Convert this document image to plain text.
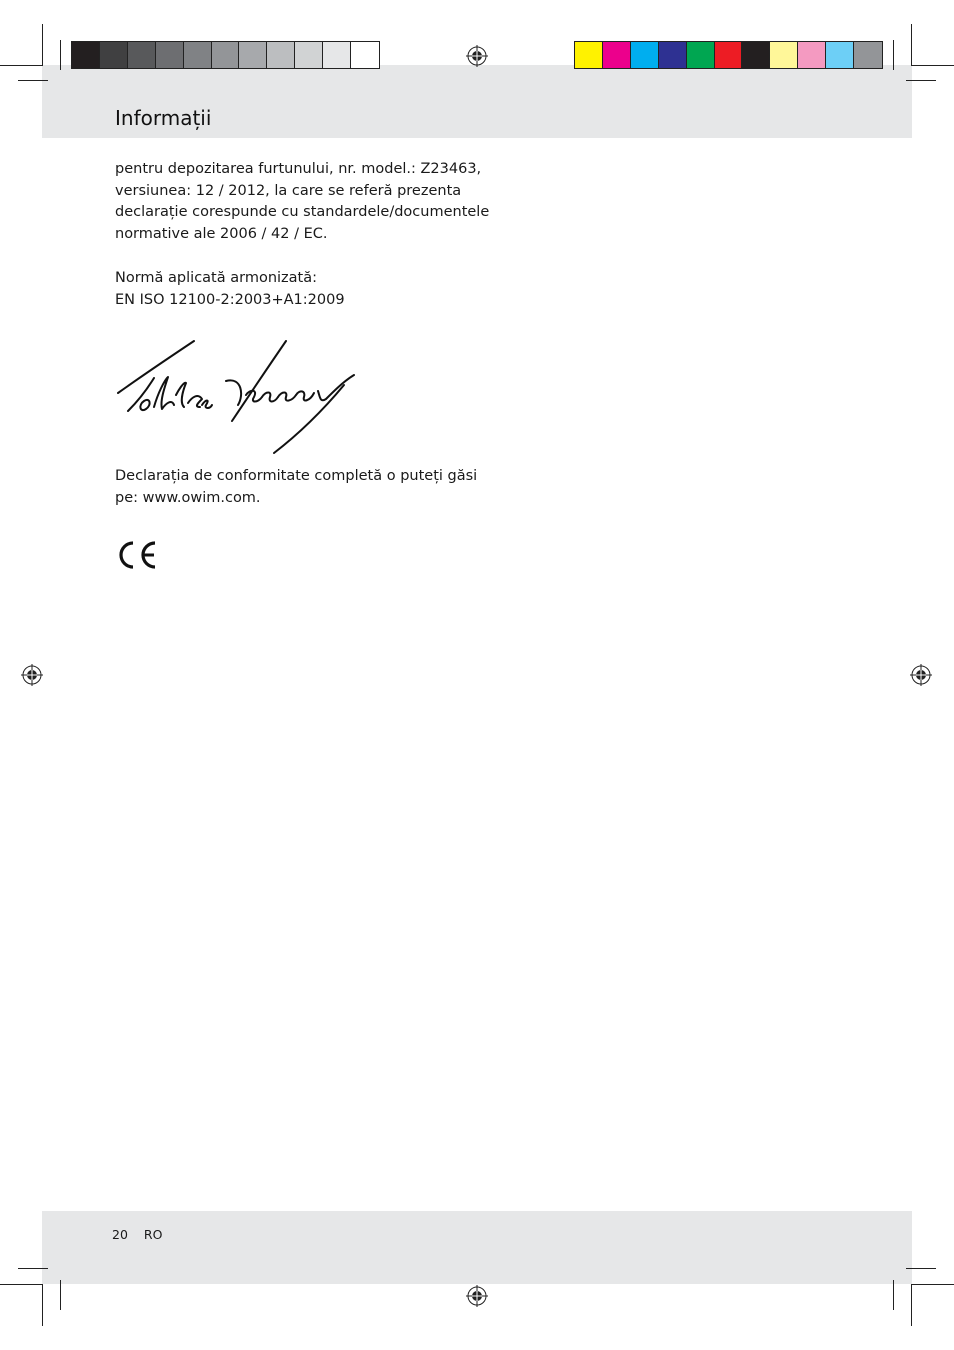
Informații
pentru depozitarea furtunului, nr. model.: Z23463,
versiunea: 12 / 2012, la care se referă prezenta
declarație corespunde cu standardele/documentele
normative ale 2006 / 42 / EC.
Normă aplicată armonizată:
EN ISO 12100-2:2003+A1:2009
Declarația de conformitate completă o puteți găsi
pe: www.owim.com.
20 RO
